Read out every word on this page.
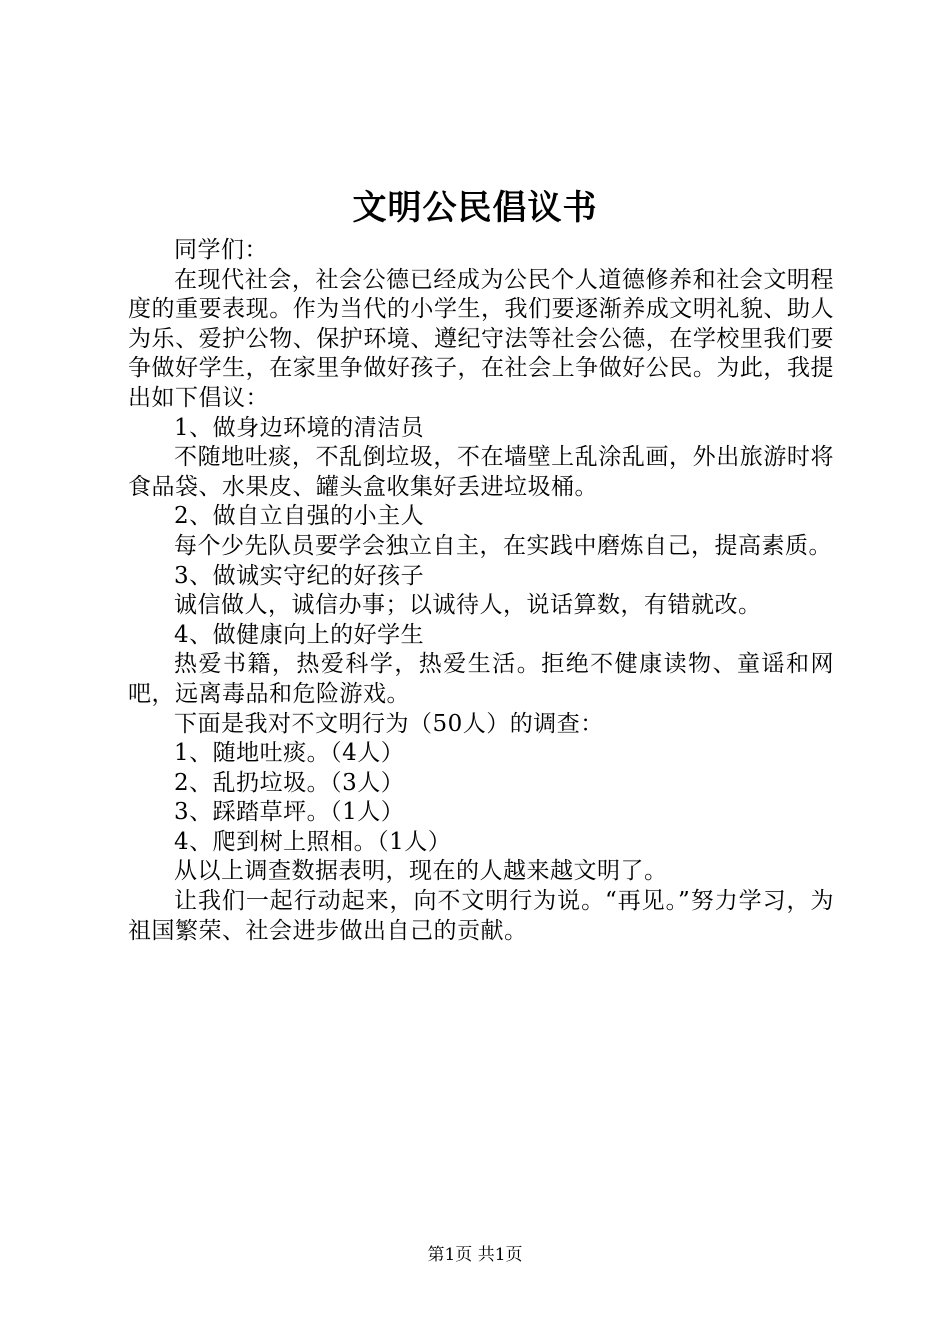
文明公民倡议书

同学们：

在现代社会，社会公德已经成为公民个人道德修养和社会文明程度的重要表现。作为当代的小学生，我们要逐渐养成文明礼貌、助人为乐、爱护公物、保护环境、遵纪守法等社会公德，在学校里我们要争做好学生，在家里争做好孩子，在社会上争做好公民。为此，我提出如下倡议：

1、做身边环境的清洁员

不随地吐痰，不乱倒垃圾，不在墙壁上乱涂乱画，外出旅游时将食品袋、水果皮、罐头盒收集好丢进垃圾桶。

2、做自立自强的小主人

每个少先队员要学会独立自主，在实践中磨炼自己，提高素质。

3、做诚实守纪的好孩子

诚信做人，诚信办事；以诚待人，说话算数，有错就改。

4、做健康向上的好学生

热爱书籍，热爱科学，热爱生活。拒绝不健康读物、童谣和网吧，远离毒品和危险游戏。

下面是我对不文明行为（50人）的调查：

1、随地吐痰。（4人）

2、乱扔垃圾。（3人）

3、踩踏草坪。（1人）

4、爬到树上照相。（1人）

从以上调查数据表明，现在的人越来越文明了。

让我们一起行动起来，向不文明行为说。“再见。”努力学习，为祖国繁荣、社会进步做出自己的贡献。

第1页 共1页
